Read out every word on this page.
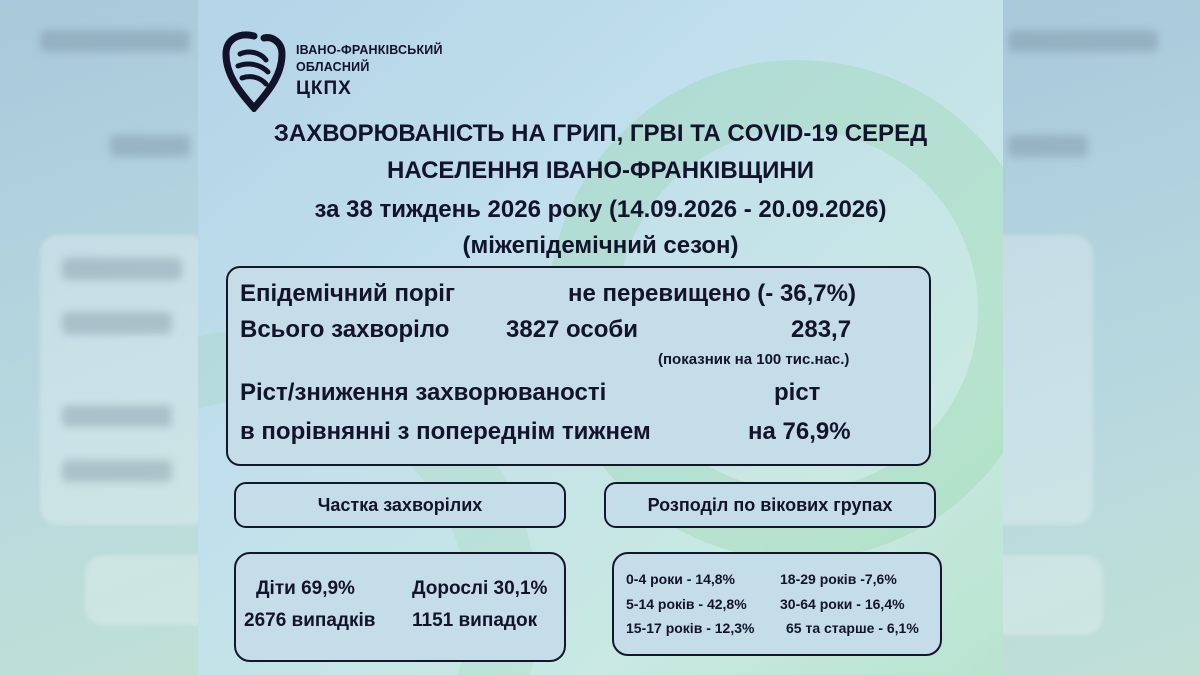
ІВАНО-ФРАНКІВСЬКИЙ
ОБЛАСНИЙ
ЦКПХ
ЗАХВОРЮВАНІСТЬ НА ГРИП, ГРВІ ТА COVID-19 СЕРЕД
НАСЕЛЕННЯ ІВАНО-ФРАНКІВЩИНИ
за 38 тиждень 2026 року (14.09.2026 - 20.09.2026)
(міжепідемічний сезон)
Епідемічний поріг	не перевищено (- 36,7%)
Всього захворіло 3827 особи	283,7
(показник на 100 тис.нас.)
Ріст/зниження захворюваності	ріст
в порівнянні з попереднім тижнем	на 76,9%
Частка захворілих	Розподіл по вікових групах
Діти 69,9%	Дорослі 30,1%
2676 випадків 1151 випадок
0-4 роки - 14,8%	18-29 років -7,6%
5-14 років - 42,8% 30-64 роки - 16,4%
15-17 років - 12,3% 65 та старше - 6,1%
